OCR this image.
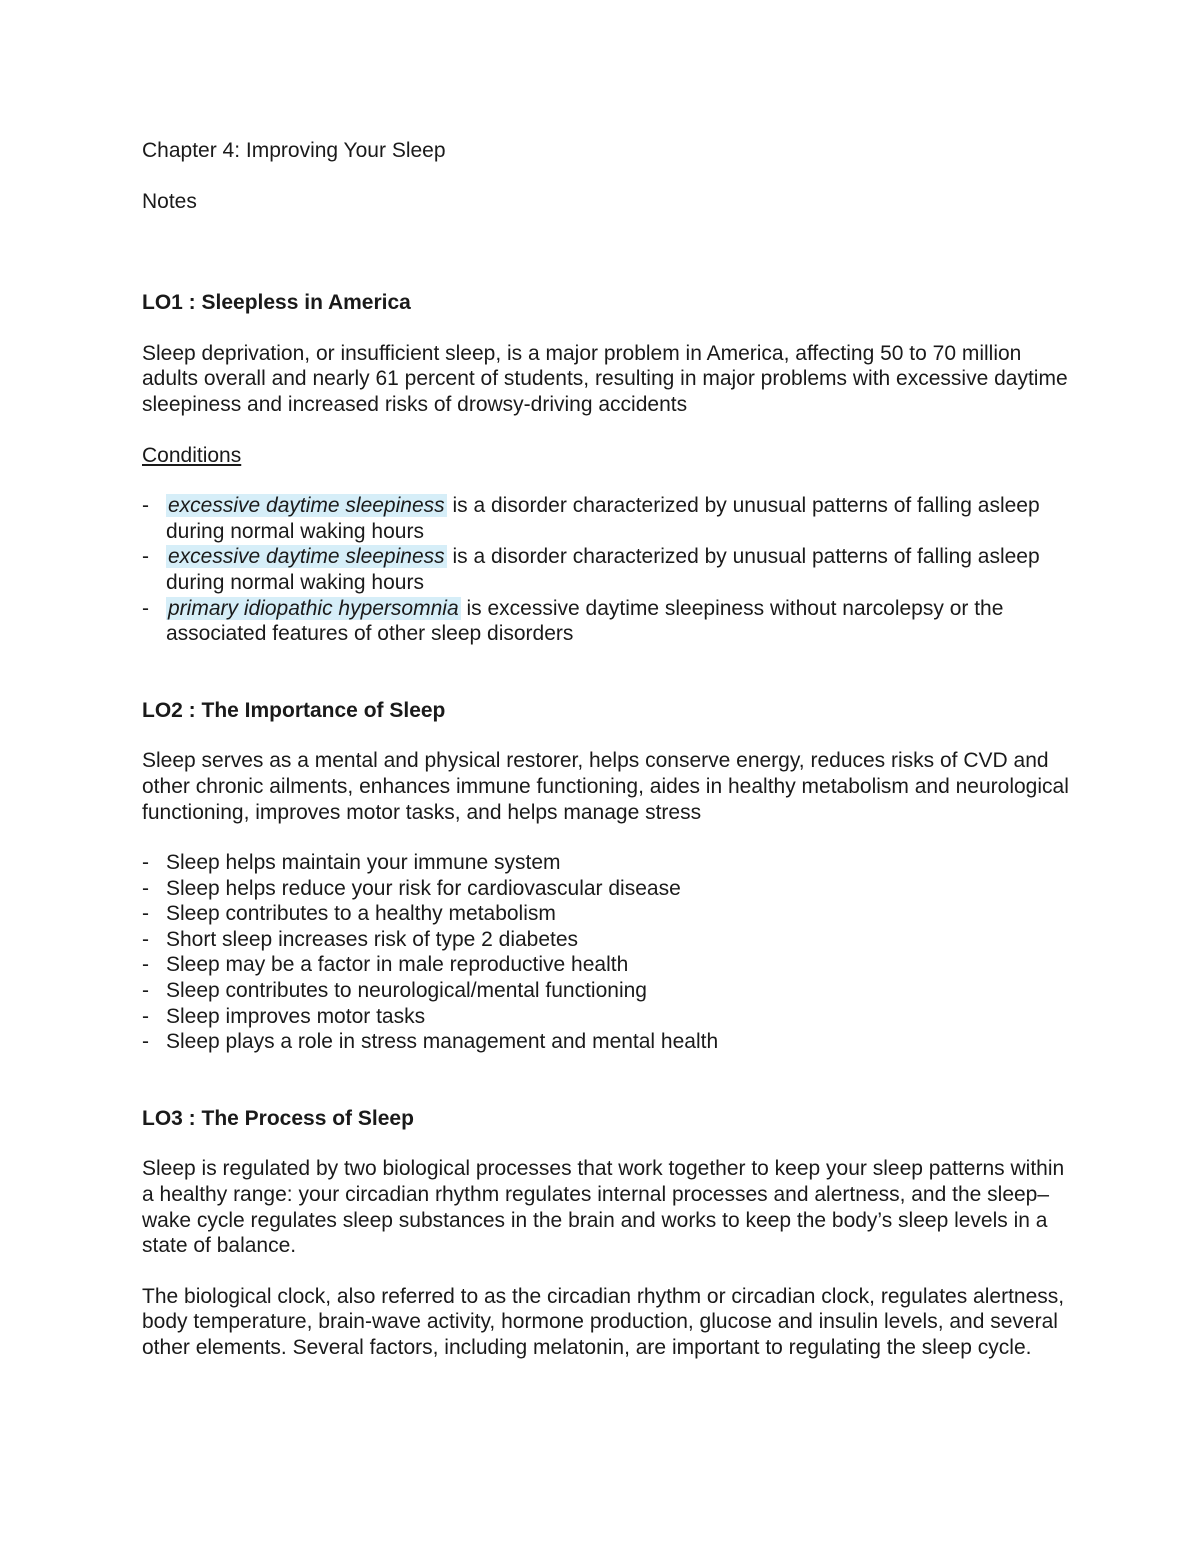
Chapter 4: Improving Your Sleep

Notes

LO1 : Sleepless in America

Sleep deprivation, or insufficient sleep, is a major problem in America, affecting 50 to 70 million adults overall and nearly 61 percent of students, resulting in major problems with excessive daytime sleepiness and increased risks of drowsy-driving accidents

Conditions

- excessive daytime sleepiness is a disorder characterized by unusual patterns of falling asleep during normal waking hours
- excessive daytime sleepiness is a disorder characterized by unusual patterns of falling asleep during normal waking hours
- primary idiopathic hypersomnia is excessive daytime sleepiness without narcolepsy or the associated features of other sleep disorders

LO2 : The Importance of Sleep

Sleep serves as a mental and physical restorer, helps conserve energy, reduces risks of CVD and other chronic ailments, enhances immune functioning, aides in healthy metabolism and neurological functioning, improves motor tasks, and helps manage stress

- Sleep helps maintain your immune system
- Sleep helps reduce your risk for cardiovascular disease
- Sleep contributes to a healthy metabolism
- Short sleep increases risk of type 2 diabetes
- Sleep may be a factor in male reproductive health
- Sleep contributes to neurological/mental functioning
- Sleep improves motor tasks
- Sleep plays a role in stress management and mental health

LO3 : The Process of Sleep

Sleep is regulated by two biological processes that work together to keep your sleep patterns within a healthy range: your circadian rhythm regulates internal processes and alertness, and the sleep–wake cycle regulates sleep substances in the brain and works to keep the body’s sleep levels in a state of balance.

The biological clock, also referred to as the circadian rhythm or circadian clock, regulates alertness, body temperature, brain-wave activity, hormone production, glucose and insulin levels, and several other elements. Several factors, including melatonin, are important to regulating the sleep cycle.
